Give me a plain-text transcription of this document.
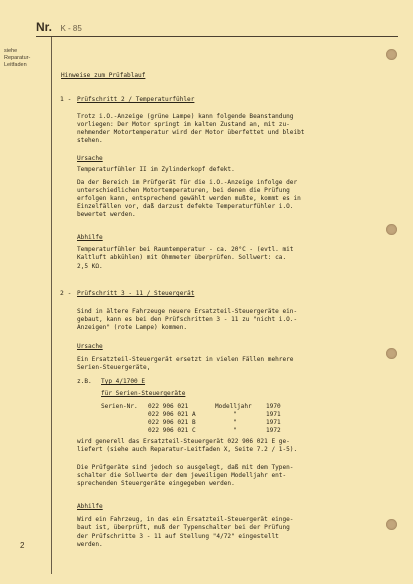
Nr. K - 85
siehe
Reparatur-
Leitfaden
2
Hinweise zum Prüfablauf
1 - Prüfschritt 2 / Temperaturfühler
Trotz i.O.-Anzeige (grüne Lampe) kann folgende Beanstandung
vorliegen: Der Motor springt im kalten Zustand an, mit zu-
nehmender Motortemperatur wird der Motor überfettet und bleibt
stehen.
Ursache
Temperaturfühler II im Zylinderkopf defekt.
Da der Bereich im Prüfgerät für die i.O.-Anzeige infolge der
unterschiedlichen Motortemperaturen, bei denen die Prüfung
erfolgen kann, entsprechend gewählt werden mußte, kommt es in
Einzelfällen vor, daß darzust defekte Temperaturfühler i.O.
bewertet werden.
Abhilfe
Temperaturfühler bei Raumtemperatur - ca. 20°C - (evtl. mit
Kaltluft abkühlen) mit Ohmmeter überprüfen. Sollwert: ca.
2,5 KΩ.
2 - Prüfschritt 3 - 11 / Steuergerät
Sind in ältere Fahrzeuge neuere Ersatzteil-Steuergeräte ein-
gebaut, kann es bei den Prüfschritten 3 - 11 zu "nicht i.O.-
Anzeigen" (rote Lampe) kommen.
Ursache
Ein Ersatzteil-Steuergerät ersetzt in vielen Fällen mehrere
Serien-Steuergeräte,
z.B. Typ 4/1700 E
für Serien-Steuergeräte
Serien-Nr. 022 906 021	Modelljahr 1970
022 906 021 A	"	1971
022 906 021 B	"	1971
022 906 021 C	"	1972
wird generell das Ersatzteil-Steuergerät 022 906 021 E ge-
liefert (siehe auch Reparatur-Leitfaden X, Seite 7.2 / 1-5).
Die Prüfgeräte sind jedoch so ausgelegt, daß mit dem Typen-
schalter die Sollwerte der dem jeweiligen Modelljahr ent-
sprechenden Steuergeräte eingegeben werden.
Abhilfe
Wird ein Fahrzeug, in das ein Ersatzteil-Steuergerät einge-
baut ist, überprüft, muß der Typenschalter bei der Prüfung
der Prüfschritte 3 - 11 auf Stellung "4/72" eingestellt
werden.
